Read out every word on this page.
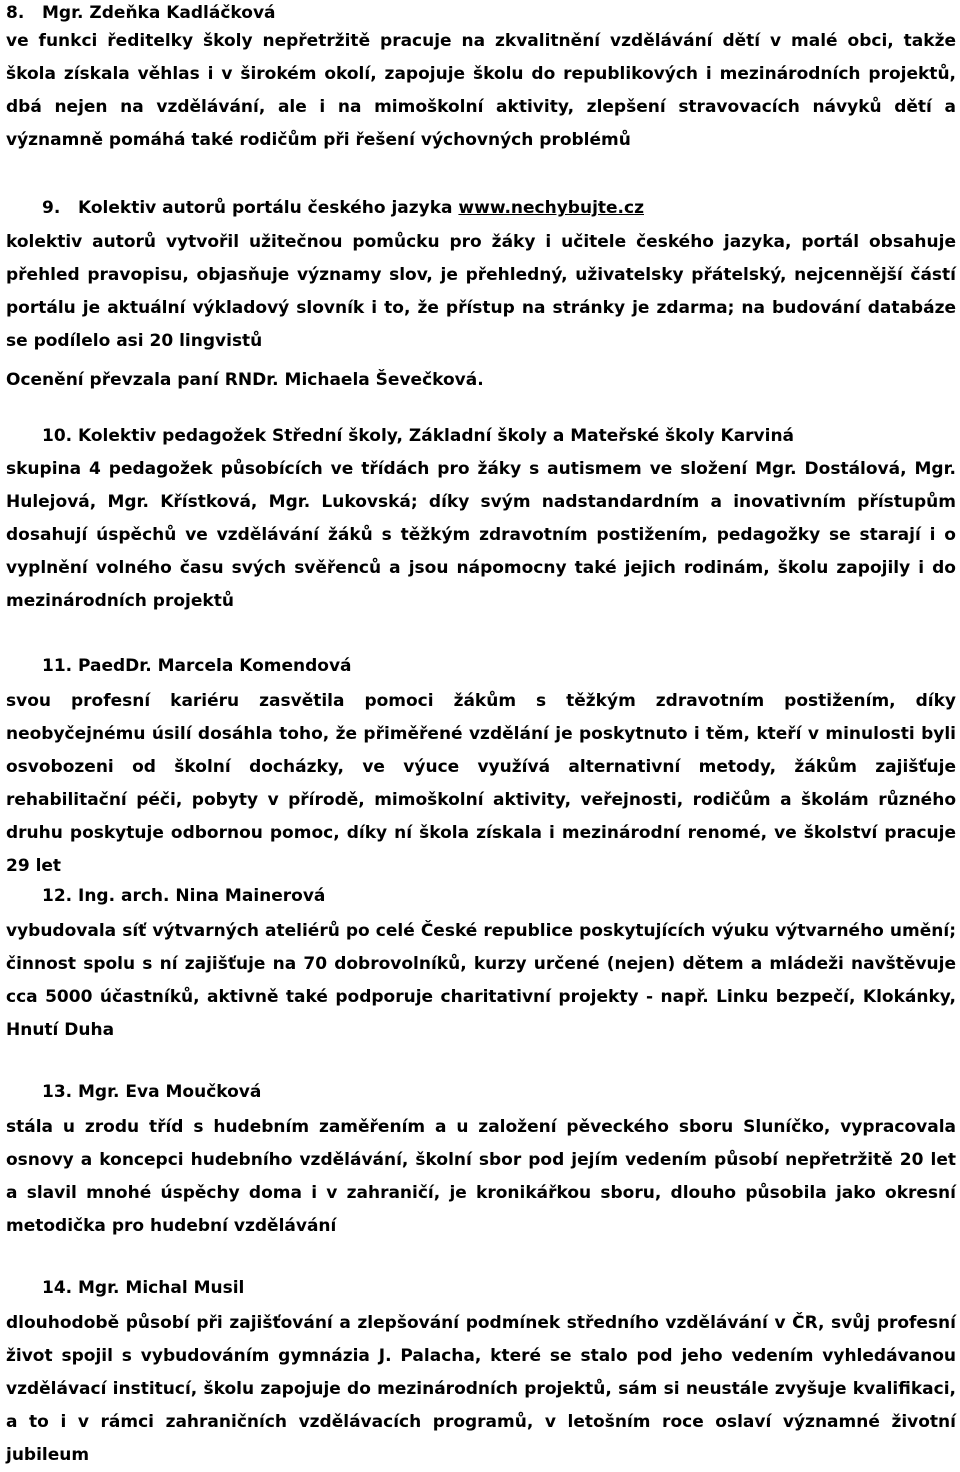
8. Mgr. Zdeňka Kadláčková

ve funkci ředitelky školy nepřetržitě pracuje na zkvalitnění vzdělávání dětí v malé obci, takže škola získala věhlas i v širokém okolí, zapojuje školu do republikových i mezinárodních projektů, dbá nejen na vzdělávání, ale i na mimoškolní aktivity, zlepšení stravovacích návyků dětí a významně pomáhá také rodičům při řešení výchovných problémů

9. Kolektiv autorů portálu českého jazyka www.nechybujte.cz

kolektiv autorů vytvořil užitečnou pomůcku pro žáky i učitele českého jazyka, portál obsahuje přehled pravopisu, objasňuje významy slov, je přehledný, uživatelsky přátelský, nejcennější částí portálu je aktuální výkladový slovník i to, že přístup na stránky je zdarma; na budování databáze se podílelo asi 20 lingvistů

Ocenění převzala paní RNDr. Michaela Ševečková.

10. Kolektiv pedagožek Střední školy, Základní školy a Mateřské školy Karviná

skupina 4 pedagožek působících ve třídách pro žáky s autismem ve složení Mgr. Dostálová, Mgr. Hulejová, Mgr. Křístková, Mgr. Lukovská; díky svým nadstandardním a inovativním přístupům dosahují úspěchů ve vzdělávání žáků s těžkým zdravotním postižením, pedagožky se starají i o vyplnění volného času svých svěřenců a jsou nápomocny také jejich rodinám, školu zapojily i do mezinárodních projektů

11. PaedDr. Marcela Komendová

svou profesní kariéru zasvětila pomoci žákům s těžkým zdravotním postižením, díky neobyčejnému úsilí dosáhla toho, že přiměřené vzdělání je poskytnuto i těm, kteří v minulosti byli osvobozeni od školní docházky, ve výuce využívá alternativní metody, žákům zajišťuje rehabilitační péči, pobyty v přírodě, mimoškolní aktivity, veřejnosti, rodičům a školám různého druhu poskytuje odbornou pomoc, díky ní škola získala i mezinárodní renomé, ve školství pracuje 29 let

12. Ing. arch. Nina Mainerová

vybudovala síť výtvarných ateliérů po celé České republice poskytujících výuku výtvarného umění; činnost spolu s ní zajišťuje na 70 dobrovolníků, kurzy určené (nejen) dětem a mládeži navštěvuje cca 5000 účastníků, aktivně také podporuje charitativní projekty - např. Linku bezpečí, Klokánky, Hnutí Duha

13. Mgr. Eva Moučková

stála u zrodu tříd s hudebním zaměřením a u založení pěveckého sboru Sluníčko, vypracovala osnovy a koncepci hudebního vzdělávání, školní sbor pod jejím vedením působí nepřetržitě 20 let a slavil mnohé úspěchy doma i v zahraničí, je kronikářkou sboru, dlouho působila jako okresní metodička pro hudební vzdělávání

14. Mgr. Michal Musil

dlouhodobě působí při zajišťování a zlepšování podmínek středního vzdělávání v ČR, svůj profesní život spojil s vybudováním gymnázia J. Palacha, které se stalo pod jeho vedením vyhledávanou vzdělávací institucí, školu zapojuje do mezinárodních projektů, sám si neustále zvyšuje kvalifikaci, a to i v rámci zahraničních vzdělávacích programů, v letošním roce oslaví významné životní jubileum
